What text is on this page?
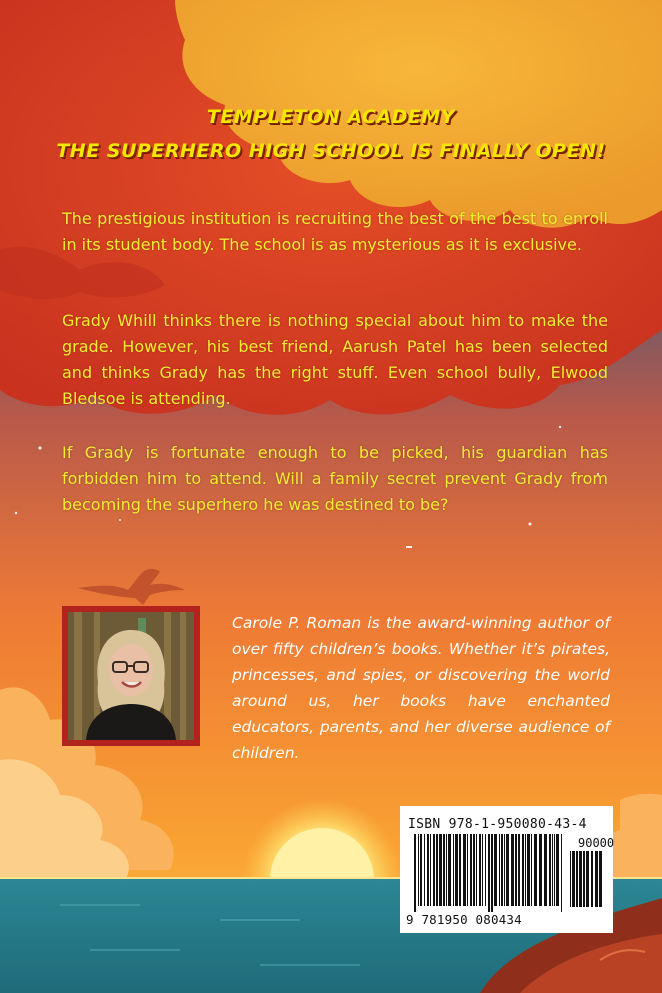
TEMPLETON ACADEMY
THE SUPERHERO HIGH SCHOOL IS FINALLY OPEN!

The prestigious institution is recruiting the best of the best to enroll in its student body. The school is as mysterious as it is exclusive.

Grady Whill thinks there is nothing special about him to make the grade. However, his best friend, Aarush Patel has been selected and thinks Grady has the right stuff. Even school bully, Elwood Bledsoe is attending.

If Grady is fortunate enough to be picked, his guardian has forbidden him to attend. Will a family secret prevent Grady from becoming the superhero he was destined to be?

Carole P. Roman is the award-winning author of over fifty children’s books. Whether it’s pirates, princesses, and spies, or discovering the world around us, her books have enchanted educators, parents, and her diverse audience of children.

ISBN 978-1-950080-43-4
90000
9 781950 080434
